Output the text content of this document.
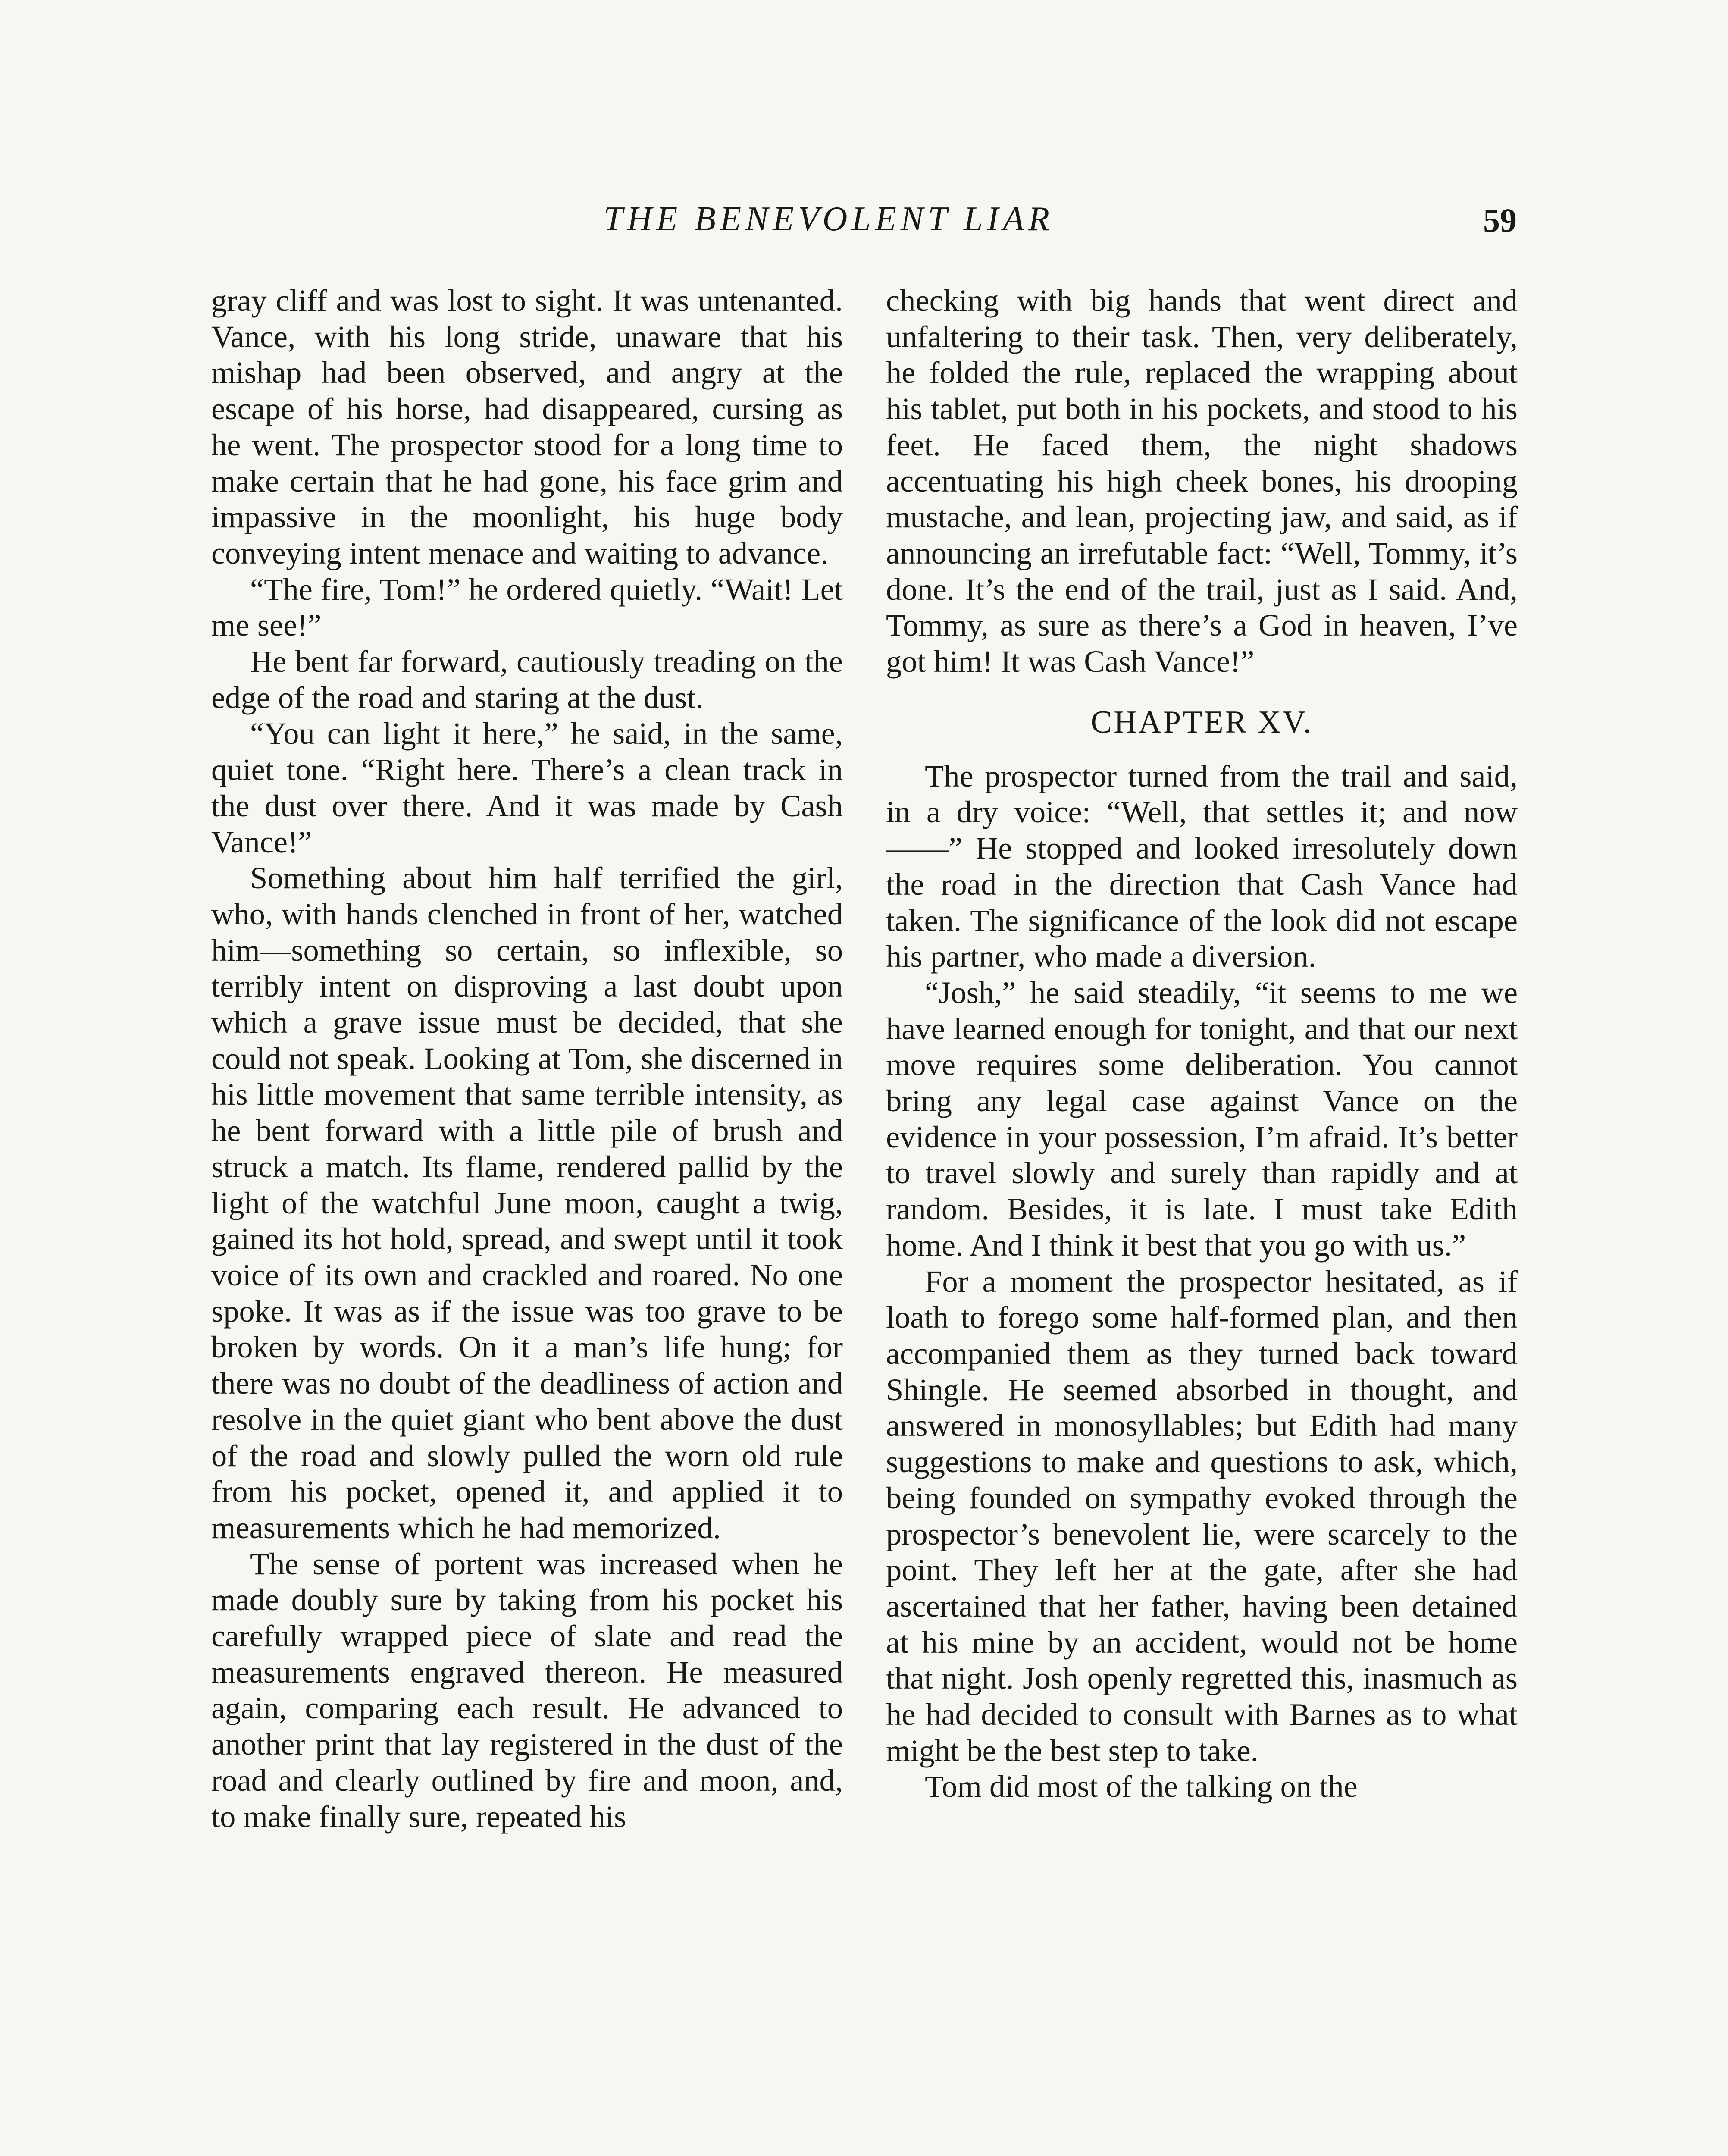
THE BENEVOLENT LIAR	59

gray cliff and was lost to sight. It was untenanted. Vance, with his long stride, unaware that his mishap had been observed, and angry at the escape of his horse, had disappeared, cursing as he went. The prospector stood for a long time to make certain that he had gone, his face grim and impassive in the moonlight, his huge body conveying intent menace and waiting to advance.

“The fire, Tom!” he ordered quietly. “Wait! Let me see!”

He bent far forward, cautiously treading on the edge of the road and staring at the dust.

“You can light it here,” he said, in the same, quiet tone. “Right here. There’s a clean track in the dust over there. And it was made by Cash Vance!”

Something about him half terrified the girl, who, with hands clenched in front of her, watched him—something so certain, so inflexible, so terribly intent on disproving a last doubt upon which a grave issue must be decided, that she could not speak. Looking at Tom, she discerned in his little movement that same terrible intensity, as he bent forward with a little pile of brush and struck a match. Its flame, rendered pallid by the light of the watchful June moon, caught a twig, gained its hot hold, spread, and swept until it took voice of its own and crackled and roared. No one spoke. It was as if the issue was too grave to be broken by words. On it a man’s life hung; for there was no doubt of the deadliness of action and resolve in the quiet giant who bent above the dust of the road and slowly pulled the worn old rule from his pocket, opened it, and applied it to measurements which he had memorized.

The sense of portent was increased when he made doubly sure by taking from his pocket his carefully wrapped piece of slate and read the measurements engraved thereon. He measured again, comparing each result. He advanced to another print that lay registered in the dust of the road and clearly outlined by fire and moon, and, to make finally sure, repeated his

checking with big hands that went direct and unfaltering to their task. Then, very deliberately, he folded the rule, replaced the wrapping about his tablet, put both in his pockets, and stood to his feet. He faced them, the night shadows accentuating his high cheek bones, his drooping mustache, and lean, projecting jaw, and said, as if announcing an irrefutable fact: “Well, Tommy, it’s done. It’s the end of the trail, just as I said. And, Tommy, as sure as there’s a God in heaven, I’ve got him! It was Cash Vance!”

CHAPTER XV.

The prospector turned from the trail and said, in a dry voice: “Well, that settles it; and now——” He stopped and looked irresolutely down the road in the direction that Cash Vance had taken. The significance of the look did not escape his partner, who made a diversion.

“Josh,” he said steadily, “it seems to me we have learned enough for tonight, and that our next move requires some deliberation. You cannot bring any legal case against Vance on the evidence in your possession, I’m afraid. It’s better to travel slowly and surely than rapidly and at random. Besides, it is late. I must take Edith home. And I think it best that you go with us.”

For a moment the prospector hesitated, as if loath to forego some half-formed plan, and then accompanied them as they turned back toward Shingle. He seemed absorbed in thought, and answered in monosyllables; but Edith had many suggestions to make and questions to ask, which, being founded on sympathy evoked through the prospector’s benevolent lie, were scarcely to the point. They left her at the gate, after she had ascertained that her father, having been detained at his mine by an accident, would not be home that night. Josh openly regretted this, inasmuch as he had decided to consult with Barnes as to what might be the best step to take.

Tom did most of the talking on the
